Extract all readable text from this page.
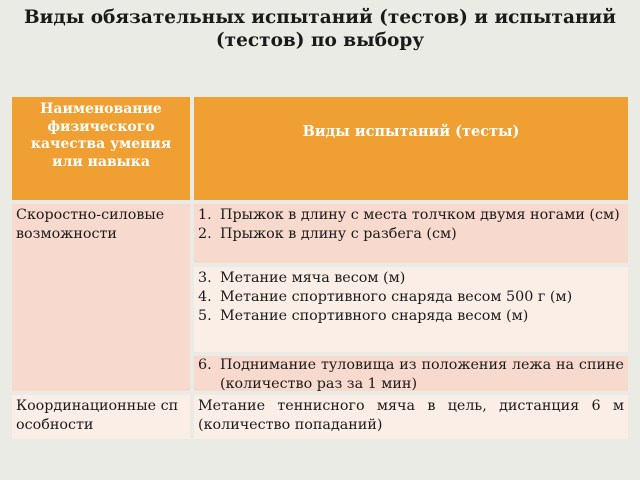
Виды обязательных испытаний (тестов) и испытаний (тестов) по выбору
Наименование физического качества умения или навыка
Виды испытаний (тесты)
Скоростно-силовые возможности
Координационные способности
1. Прыжок в длину с места толчком двумя ногами (см)
2. Прыжок в длину с разбега (см)
3. Метание мяча весом (м)
4. Метание спортивного снаряда весом 500 г (м)
5. Метание спортивного снаряда весом (м)
6. Поднимание туловища из положения лежа на спине (количество раз за 1 мин)
Метание теннисного мяча в цель, дистанция 6 м (количество попаданий)
